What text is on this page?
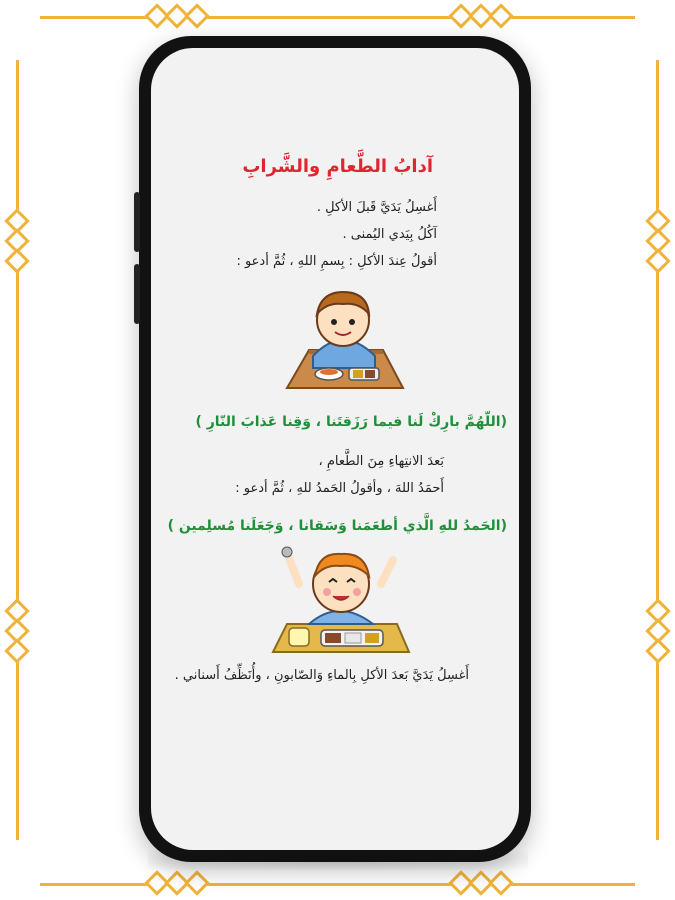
آدابُ الطَّعامِ والشَّرابِ
أَغسِلُ يَدَيَّ قَبلَ الأكلِ .
آكُلُ بِيَدي اليُمنى .
أقولُ عِندَ الأكلِ : بِسمِ اللهِ ، ثُمَّ أدعو :
(اللّهُمَّ بارِكْ لَنا فيما رَزَقتَنا ، وَقِنا عَذابَ النّارِ )
بَعدَ الانتِهاءِ مِنَ الطَّعامِ ،
أَحمَدُ اللهَ ، وأقولُ الحَمدُ للهِ ، ثُمَّ أدعو :
(الحَمدُ للهِ الَّذي أطعَمَنا وَسَقانا ، وَجَعَلَنا مُسلِمين )
أَغسِلُ يَدَيَّ بَعدَ الأكلِ بِالماءِ وَالصّابونِ ، وأُنَظِّفُ أَسناني .
